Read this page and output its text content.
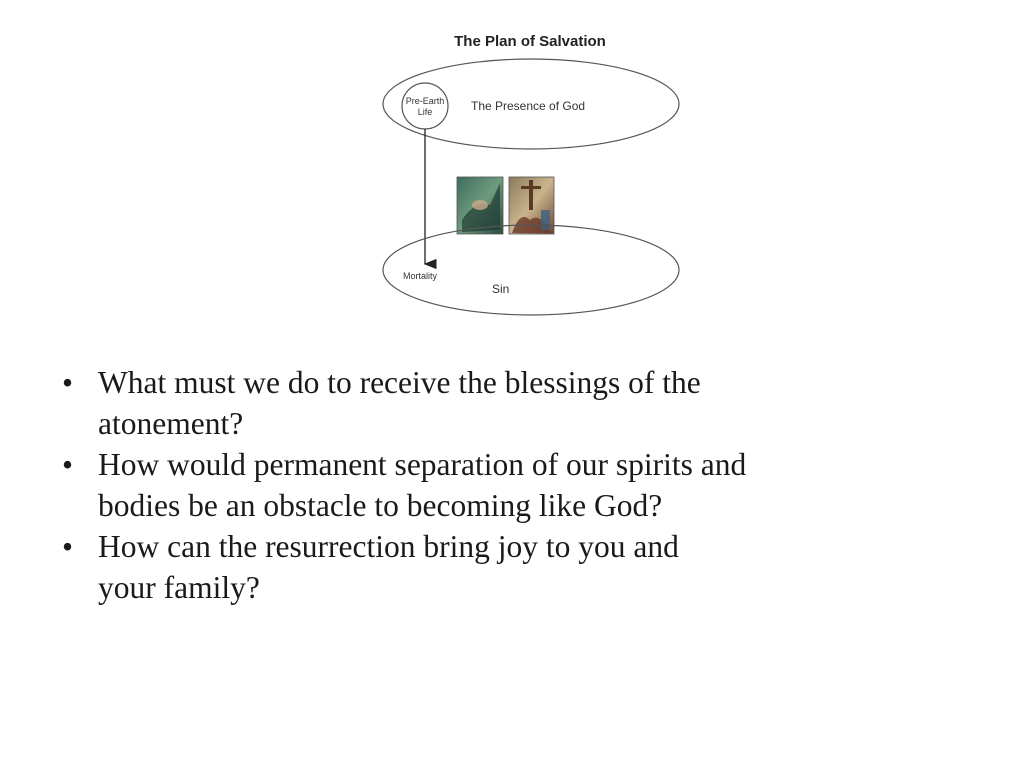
The Plan of Salvation
Pre-Earth
Life	The Presence of God
Mortality
Sin
• What must we do to receive the blessings of the
atonement?
• How would permanent separation of our spirits and
bodies be an obstacle to becoming like God?
• How can the resurrection bring joy to you and
your family?
